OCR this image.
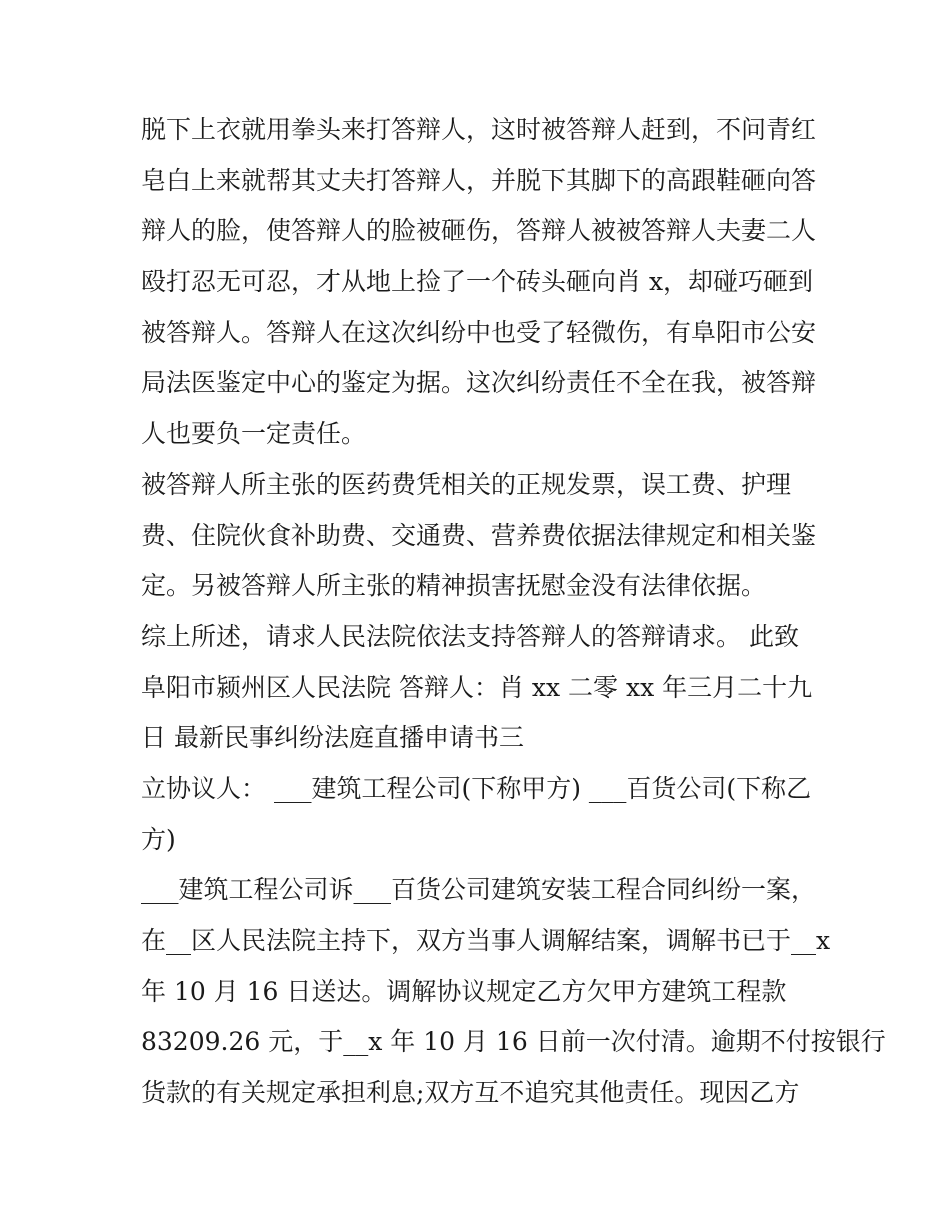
脱下上衣就用拳头来打答辩人，这时被答辩人赶到，不问青红
皂白上来就帮其丈夫打答辩人，并脱下其脚下的高跟鞋砸向答
辩人的脸，使答辩人的脸被砸伤，答辩人被被答辩人夫妻二人
殴打忍无可忍，才从地上捡了一个砖头砸向肖 x，却碰巧砸到
被答辩人。答辩人在这次纠纷中也受了轻微伤，有阜阳市公安
局法医鉴定中心的鉴定为据。这次纠纷责任不全在我，被答辩
人也要负一定责任。
被答辩人所主张的医药费凭相关的正规发票，误工费、护理
费、住院伙食补助费、交通费、营养费依据法律规定和相关鉴
定。另被答辩人所主张的精神损害抚慰金没有法律依据。
综上所述，请求人民法院依法支持答辩人的答辩请求。 此致
阜阳市颍州区人民法院 答辩人：肖 xx 二零 xx 年三月二十九
日 最新民事纠纷法庭直播申请书三
立协议人： ___建筑工程公司(下称甲方) ___百货公司(下称乙
方)
___建筑工程公司诉___百货公司建筑安装工程合同纠纷一案，
在__区人民法院主持下，双方当事人调解结案，调解书已于__x
年 10 月 16 日送达。调解协议规定乙方欠甲方建筑工程款
83209.26 元，于__x 年 10 月 16 日前一次付清。逾期不付按银行
货款的有关规定承担利息;双方互不追究其他责任。现因乙方
